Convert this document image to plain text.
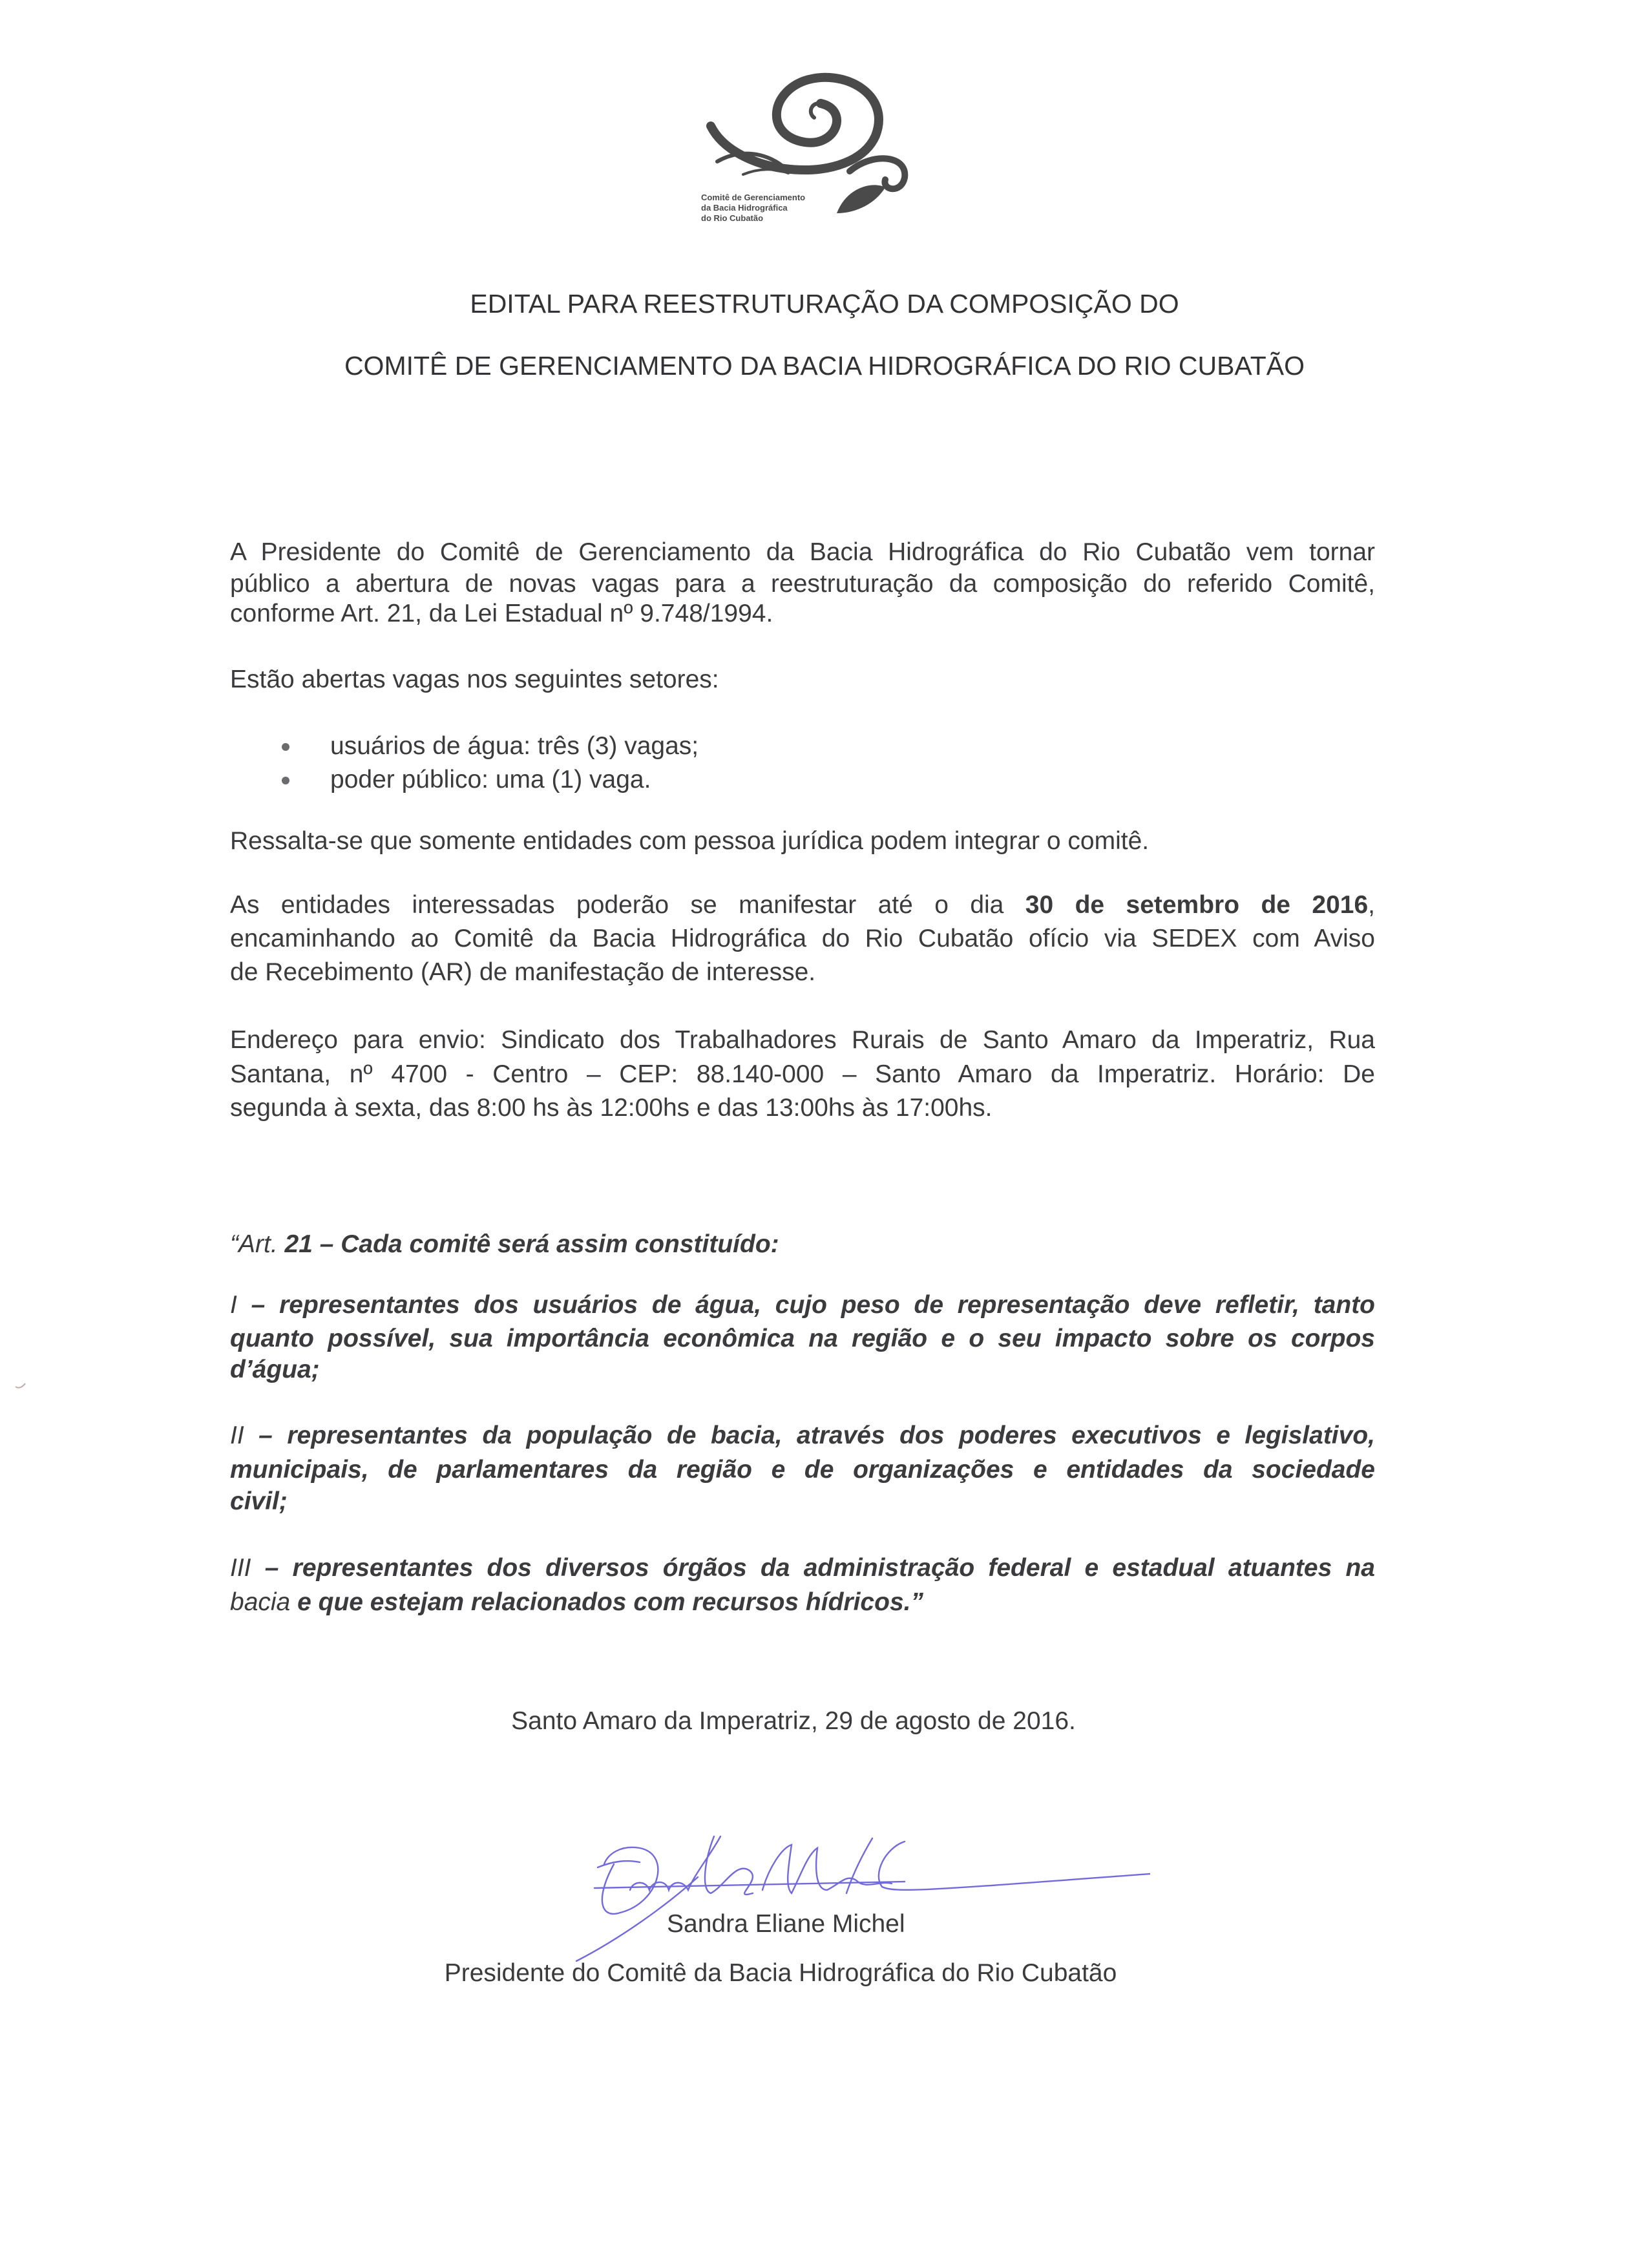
Comitê de Gerenciamento
da Bacia Hidrográfica
do Rio Cubatão
EDITAL PARA REESTRUTURAÇÃO DA COMPOSIÇÃO DO
COMITÊ DE GERENCIAMENTO DA BACIA HIDROGRÁFICA DO RIO CUBATÃO
A Presidente do Comitê de Gerenciamento da Bacia Hidrográfica do Rio Cubatão vem tornar
público a abertura de novas vagas para a reestruturação da composição do referido Comitê,
conforme Art. 21, da Lei Estadual nº 9.748/1994.
Estão abertas vagas nos seguintes setores:
usuários de água: três (3) vagas;
poder público: uma (1) vaga.
Ressalta-se que somente entidades com pessoa jurídica podem integrar o comitê.
As entidades interessadas poderão se manifestar até o dia 30 de setembro de 2016,
encaminhando ao Comitê da Bacia Hidrográfica do Rio Cubatão ofício via SEDEX com Aviso
de Recebimento (AR) de manifestação de interesse.
Endereço para envio: Sindicato dos Trabalhadores Rurais de Santo Amaro da Imperatriz, Rua
Santana, nº 4700 - Centro – CEP: 88.140-000 – Santo Amaro da Imperatriz. Horário: De
segunda à sexta, das 8:00 hs às 12:00hs e das 13:00hs às 17:00hs.
“Art. 21 – Cada comitê será assim constituído:
I – representantes dos usuários de água, cujo peso de representação deve refletir, tanto
quanto possível, sua importância econômica na região e o seu impacto sobre os corpos
d’água;
II – representantes da população de bacia, através dos poderes executivos e legislativo,
municipais, de parlamentares da região e de organizações e entidades da sociedade
civil;
III – representantes dos diversos órgãos da administração federal e estadual atuantes na
bacia e que estejam relacionados com recursos hídricos.”
Santo Amaro da Imperatriz, 29 de agosto de 2016.
Sandra Eliane Michel
Presidente do Comitê da Bacia Hidrográfica do Rio Cubatão
